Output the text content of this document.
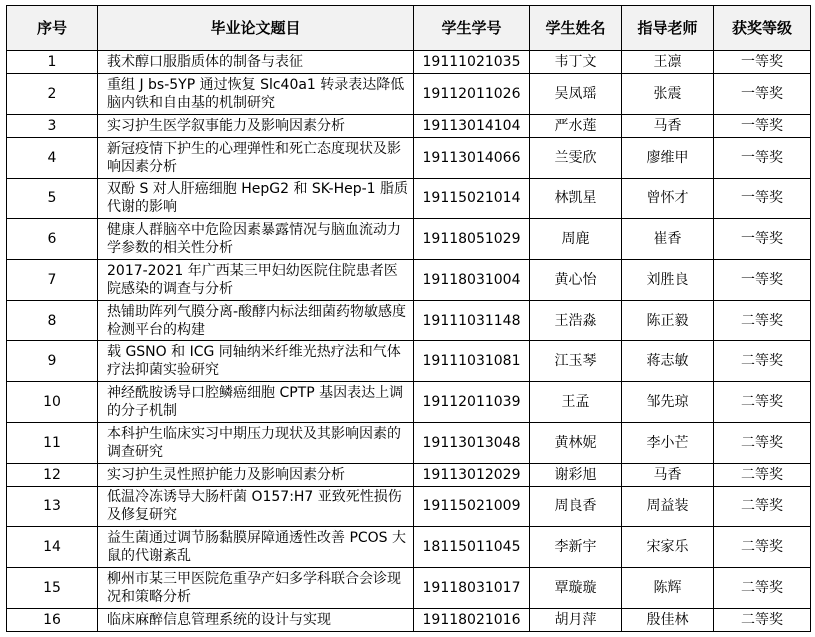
序号	毕业论文题目	学生学号	学生姓名	指导老师	获奖等级
1	莪术醇口服脂质体的制备与表征	19111021035	韦丁文	王凛	一等奖
2	重组 J bs-5YP 通过恢复 Slc40a1 转录表达降低脑内铁和自由基的机制研究	19112011026	吴凤瑶	张震	一等奖
3	实习护生医学叙事能力及影响因素分析	19113014104	严水莲	马香	一等奖
4	新冠疫情下护生的心理弹性和死亡态度现状及影响因素分析	19113014066	兰雯欣	廖维甲	一等奖
5	双酚 S 对人肝癌细胞 HepG2 和 SK-Hep-1 脂质代谢的影响	19115021014	林凯星	曾怀才	一等奖
6	健康人群脑卒中危险因素暴露情况与脑血流动力学参数的相关性分析	19118051029	周鹿	崔香	一等奖
7	2017-2021 年广西某三甲妇幼医院住院患者医院感染的调查与分析	19118031004	黄心怡	刘胜良	一等奖
8	热铺助阵列气膜分离-酸酵内标法细菌药物敏感度检测平台的构建	19111031148	王浩淼	陈正毅	二等奖
9	载 GSNO 和 ICG 同轴纳米纤维光热疗法和气体疗法抑菌实验研究	19111031081	江玉琴	蒋志敏	二等奖
10	神经酰胺诱导口腔鳞癌细胞 CPTP 基因表达上调的分子机制	19112011039	王孟	邹先琼	二等奖
11	本科护生临床实习中期压力现状及其影响因素的调查研究	19113013048	黄林妮	李小芒	二等奖
12	实习护生灵性照护能力及影响因素分析	19113012029	谢彩旭	马香	二等奖
13	低温冷冻诱导大肠杆菌 O157:H7 亚致死性损伤及修复研究	19115021009	周良香	周益装	二等奖
14	益生菌通过调节肠黏膜屏障通透性改善 PCOS 大鼠的代谢紊乱	18115011045	李新宇	宋家乐	二等奖
15	柳州市某三甲医院危重孕产妇多学科联合会诊现况和策略分析	19118031017	覃璇璇	陈辉	二等奖
16	临床麻醉信息管理系统的设计与实现	19118021016	胡月萍	殷佳林	二等奖
